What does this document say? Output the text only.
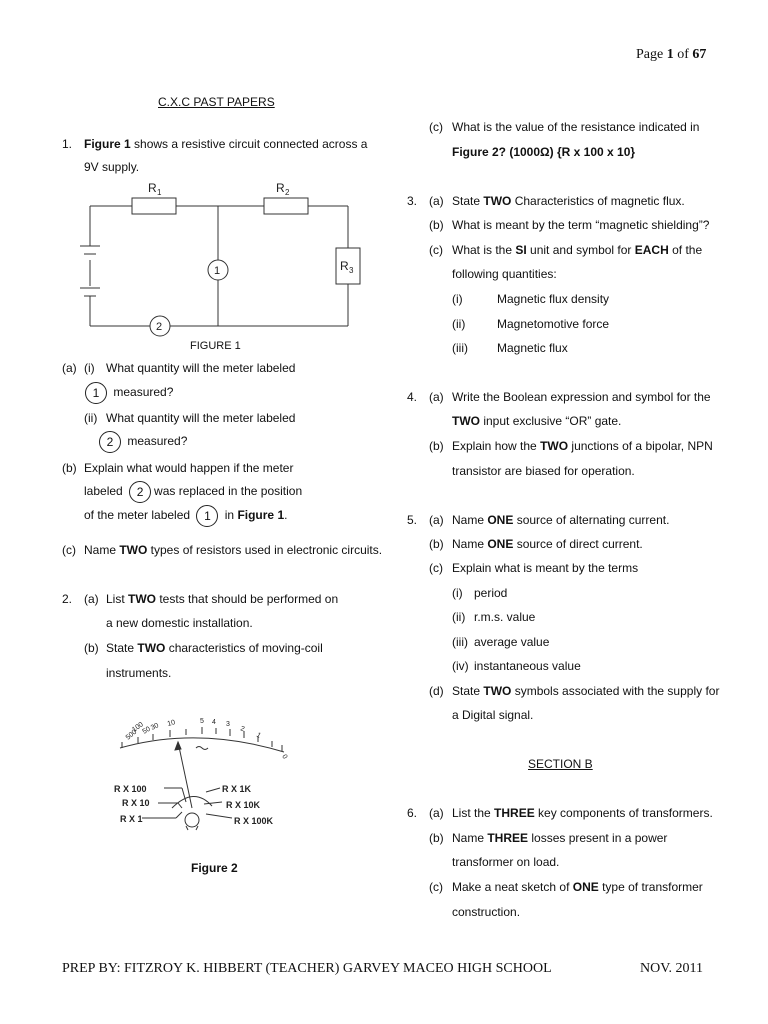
Page 1 of 67
C.X.C PAST PAPERS
1. Figure 1 shows a resistive circuit connected across a
9V supply.
R 1	R 2
R 3
1
2
FIGURE 1
(a) (i) What quantity will the meter labeled
1 measured?
(ii) What quantity will the meter labeled
2 measured?
(b) Explain what would happen if the meter
labeled 2 was replaced in the position
of the meter labeled 1 in Figure 1.
(c) Name TWO types of resistors used in electronic circuits.
2. (a) List TWO tests that should be performed on
a new domestic installation.
(b) State TWO characteristics of moving-coil
instruments.
500
100
50
30 10	5 4 3
2
1
0
R X 100
R X 10
R X 1
R X 1K
R X 10K
R X 100K
Figure 2
(c) What is the value of the resistance indicated in
Figure 2? (1000Ω) {R x 100 x 10}
3. (a) State TWO Characteristics of magnetic flux.
(b) What is meant by the term “magnetic shielding”?
(c) What is the SI unit and symbol for EACH of the
following quantities:
(i)	Magnetic flux density
(ii)	Magnetomotive force
(iii) Magnetic flux
4. (a) Write the Boolean expression and symbol for the
TWO input exclusive “OR” gate.
(b) Explain how the TWO junctions of a bipolar, NPN
transistor are biased for operation.
5. (a) Name ONE source of alternating current.
(b) Name ONE source of direct current.
(c) Explain what is meant by the terms
(i) period
(ii) r.m.s. value
(iii) average value
(iv) instantaneous value
(d) State TWO symbols associated with the supply for
a Digital signal.
SECTION B
6. (a) List the THREE key components of transformers.
(b) Name THREE losses present in a power
transformer on load.
(c) Make a neat sketch of ONE type of transformer
construction.
PREP BY: FITZROY K. HIBBERT (TEACHER) GARVEY MACEO HIGH SCHOOL	NOV. 2011
